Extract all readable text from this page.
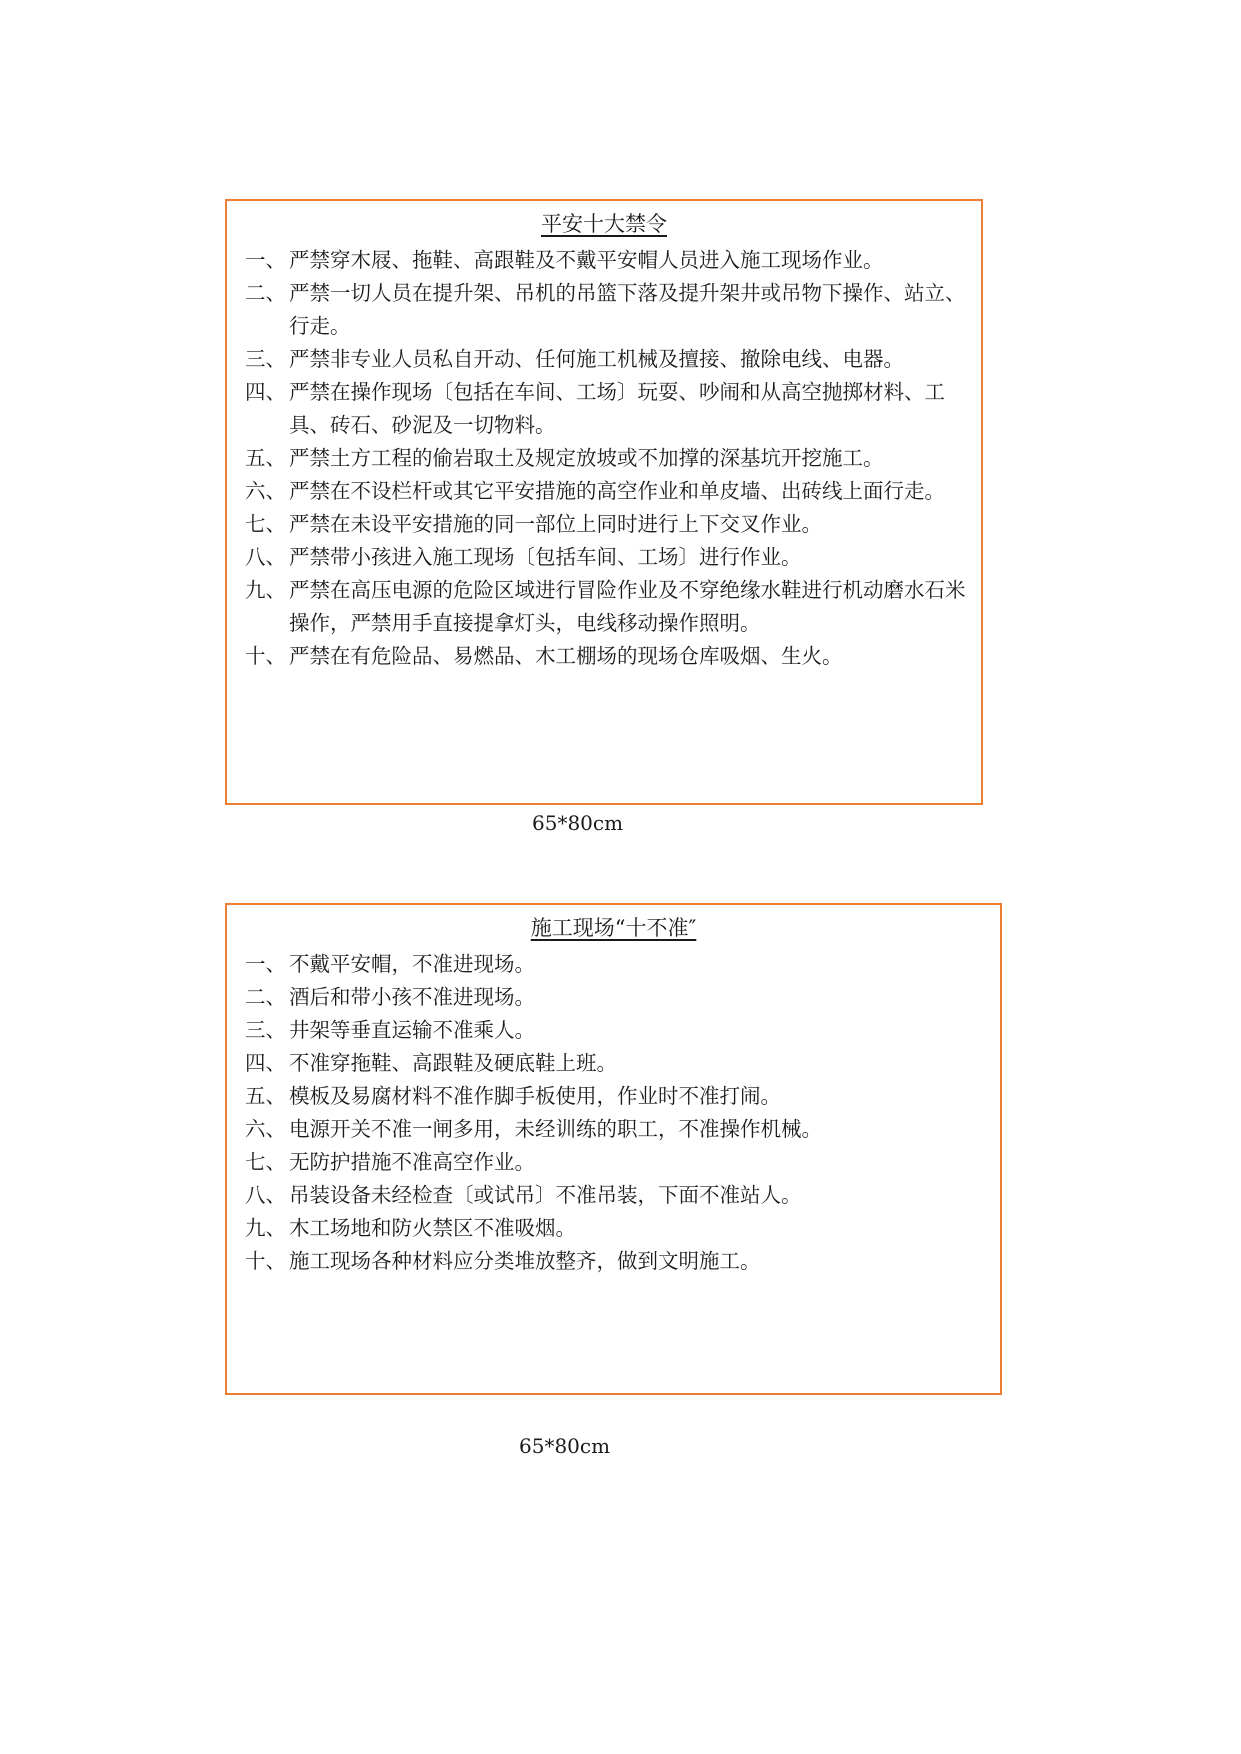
平安十大禁令
一、 严禁穿木屐、拖鞋、高跟鞋及不戴平安帽人员进入施工现场作业。
二、 严禁一切人员在提升架、吊机的吊篮下落及提升架井或吊物下操作、站立、行走。
三、 严禁非专业人员私自开动、任何施工机械及擅接、撤除电线、电器。
四、 严禁在操作现场〔包括在车间、工场〕玩耍、吵闹和从高空抛掷材料、工具、砖石、砂泥及一切物料。
五、 严禁土方工程的偷岩取土及规定放坡或不加撑的深基坑开挖施工。
六、 严禁在不设栏杆或其它平安措施的高空作业和单皮墙、出砖线上面行走。
七、 严禁在未设平安措施的同一部位上同时进行上下交叉作业。
八、 严禁带小孩进入施工现场〔包括车间、工场〕进行作业。
九、 严禁在高压电源的危险区域进行冒险作业及不穿绝缘水鞋进行机动磨水石米操作，严禁用手直接提拿灯头，电线移动操作照明。
十、 严禁在有危险品、易燃品、木工棚场的现场仓库吸烟、生火。
65*80cm
施工现场“十不准″
一、 不戴平安帽，不准进现场。
二、 酒后和带小孩不准进现场。
三、 井架等垂直运输不准乘人。
四、 不准穿拖鞋、高跟鞋及硬底鞋上班。
五、 模板及易腐材料不准作脚手板使用，作业时不准打闹。
六、 电源开关不准一闸多用，未经训练的职工，不准操作机械。
七、 无防护措施不准高空作业。
八、 吊装设备未经检查〔或试吊〕不准吊装，下面不准站人。
九、 木工场地和防火禁区不准吸烟。
十、 施工现场各种材料应分类堆放整齐，做到文明施工。
65*80cm
